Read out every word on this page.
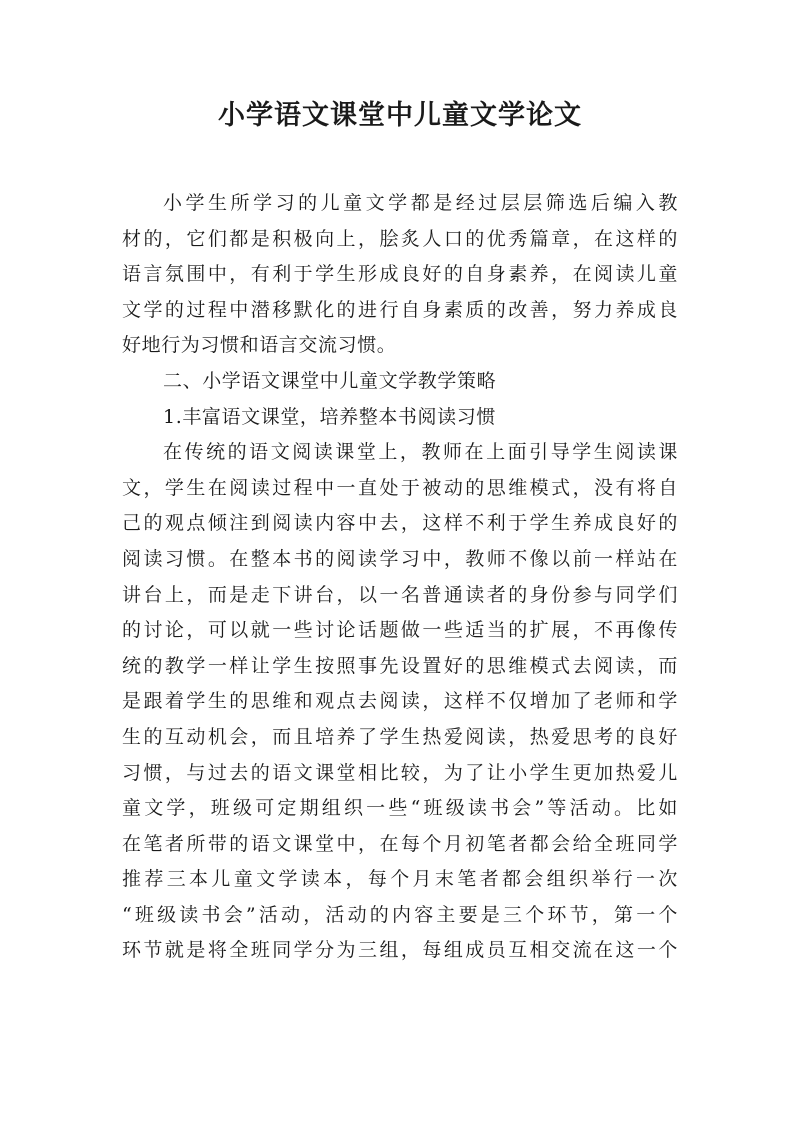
小学语文课堂中儿童文学论文
小学生所学习的儿童文学都是经过层层筛选后编入教
材的，它们都是积极向上，脍炙人口的优秀篇章，在这样的
语言氛围中，有利于学生形成良好的自身素养，在阅读儿童
文学的过程中潜移默化的进行自身素质的改善，努力养成良
好地行为习惯和语言交流习惯。
二、小学语文课堂中儿童文学教学策略
1.丰富语文课堂，培养整本书阅读习惯
在传统的语文阅读课堂上，教师在上面引导学生阅读课
文，学生在阅读过程中一直处于被动的思维模式，没有将自
己的观点倾注到阅读内容中去，这样不利于学生养成良好的
阅读习惯。在整本书的阅读学习中，教师不像以前一样站在
讲台上，而是走下讲台，以一名普通读者的身份参与同学们
的讨论，可以就一些讨论话题做一些适当的扩展，不再像传
统的教学一样让学生按照事先设置好的思维模式去阅读，而
是跟着学生的思维和观点去阅读，这样不仅增加了老师和学
生的互动机会，而且培养了学生热爱阅读，热爱思考的良好
习惯，与过去的语文课堂相比较，为了让小学生更加热爱儿
童文学，班级可定期组织一些“班级读书会”等活动。比如
在笔者所带的语文课堂中，在每个月初笔者都会给全班同学
推荐三本儿童文学读本，每个月末笔者都会组织举行一次
“班级读书会”活动，活动的内容主要是三个环节，第一个
环节就是将全班同学分为三组，每组成员互相交流在这一个
